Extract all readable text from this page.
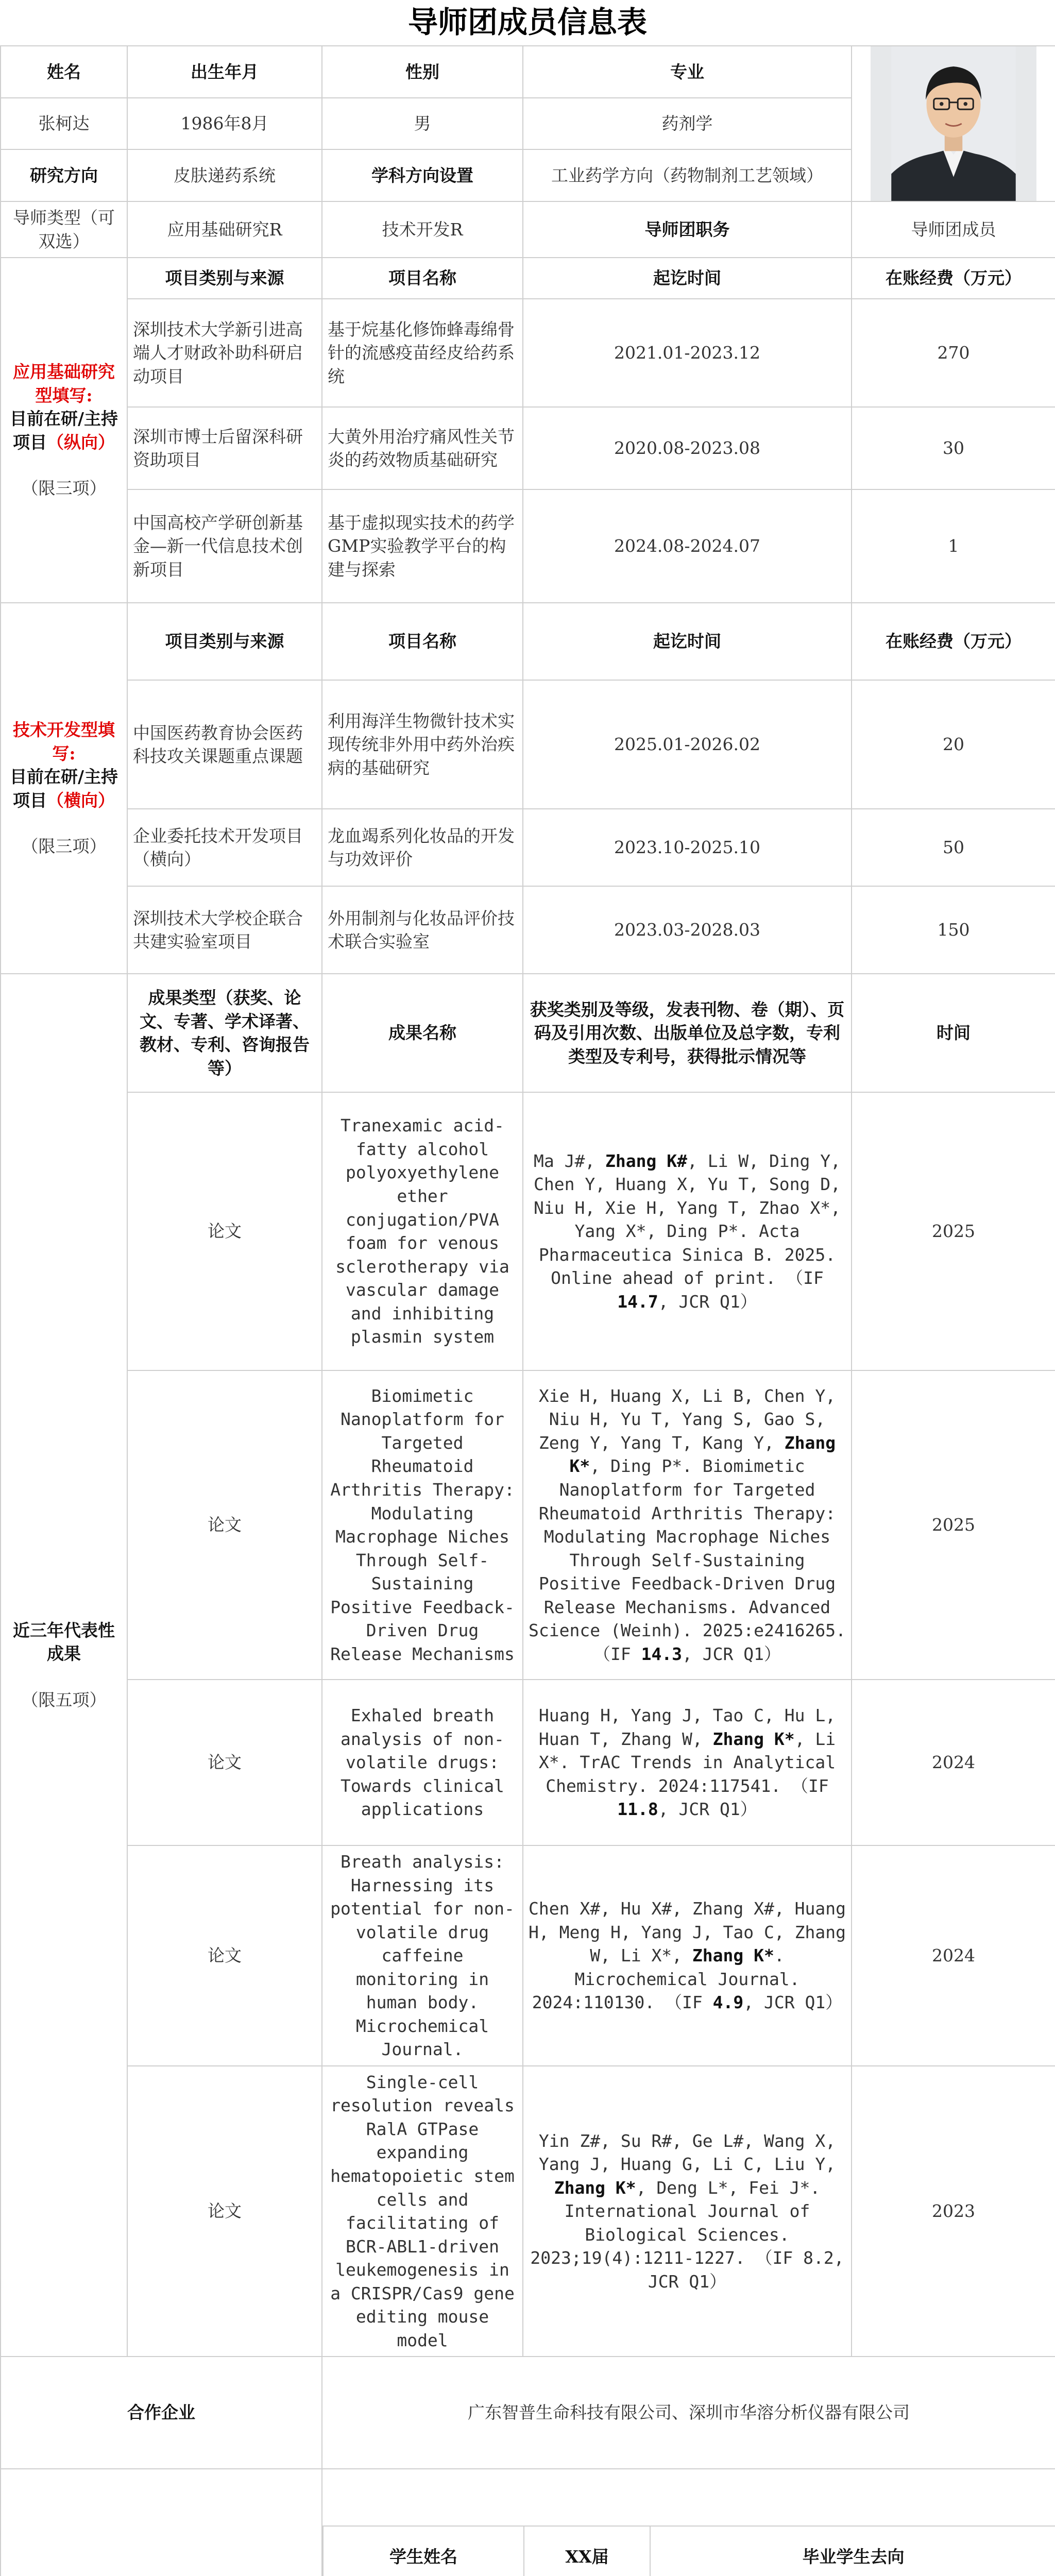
导师团成员信息表
姓名	出生年月	性别	专业	

张柯达	1986年8月	男	药剂学
研究方向	皮肤递药系统	学科方向设置	工业药学方向（药物制剂工艺领域）
导师类型（可双选）	应用基础研究R	技术开发R	导师团职务	导师团成员
应用基础研究型填写:
目前在研/主持项目（纵向）
（限三项）
	项目类别与来源	项目名称	起讫时间	在账经费（万元）
深圳技术大学新引进高端人才财政补助科研启动项目	基于烷基化修饰蜂毒绵骨针的流感疫苗经皮给药系统	2021.01-2023.12	270
深圳市博士后留深科研资助项目	大黄外用治疗痛风性关节炎的药效物质基础研究	2020.08-2023.08	30
中国高校产学研创新基金—新一代信息技术创新项目	基于虚拟现实技术的药学GMP实验教学平台的构建与探索	2024.08-2024.07	1
技术开发型填写:
目前在研/主持项目（横向）
（限三项）
	项目类别与来源	项目名称	起讫时间	在账经费（万元）
中国医药教育协会医药科技攻关课题重点课题	利用海洋生物微针技术实现传统非外用中药外治疾病的基础研究	2025.01-2026.02	20
企业委托技术开发项目（横向）	龙血竭系列化妆品的开发与功效评价	2023.10-2025.10	50
深圳技术大学校企联合共建实验室项目	外用制剂与化妆品评价技术联合实验室	2023.03-2028.03	150
近三年代表性成果
（限五项）
	成果类型（获奖、论文、专著、学术译著、教材、专利、咨询报告等）	成果名称	获奖类别及等级，发表刊物、卷（期）、页码及引用次数、出版单位及总字数，专利类型及专利号，获得批示情况等	时间
论文	Tranexamic acid-fatty alcohol polyoxyethylene ether conjugation/PVA foam for venous sclerotherapy via vascular damage and inhibiting plasmin system	Ma J#, Zhang K#, Li W, Ding Y, Chen Y, Huang X, Yu T, Song D, Niu H, Xie H, Yang T, Zhao X*, Yang X*, Ding P*. Acta Pharmaceutica Sinica B. 2025. Online ahead of print. （IF 14.7, JCR Q1）	2025
论文	Biomimetic Nanoplatform for Targeted Rheumatoid Arthritis Therapy: Modulating Macrophage Niches Through Self-Sustaining Positive Feedback-Driven Drug Release Mechanisms	Xie H, Huang X, Li B, Chen Y, Niu H, Yu T, Yang S, Gao S, Zeng Y, Yang T, Kang Y, Zhang K*, Ding P*. Biomimetic Nanoplatform for Targeted Rheumatoid Arthritis Therapy: Modulating Macrophage Niches Through Self-Sustaining Positive Feedback-Driven Drug Release Mechanisms. Advanced Science (Weinh). 2025:e2416265. （IF 14.3, JCR Q1）	2025
论文	Exhaled breath analysis of non-volatile drugs: Towards clinical applications	Huang H, Yang J, Tao C, Hu L, Huan T, Zhang W, Zhang K*, Li X*. TrAC Trends in Analytical Chemistry. 2024:117541. （IF 11.8, JCR Q1）	2024
论文	Breath analysis: Harnessing its potential for non-volatile drug caffeine monitoring in human body. Microchemical Journal.	Chen X#, Hu X#, Zhang X#, Huang H, Meng H, Yang J, Tao C, Zhang W, Li X*, Zhang K*. Microchemical Journal. 2024:110130. （IF 4.9, JCR Q1）	2024
论文	Single-cell resolution reveals RalA GTPase expanding hematopoietic stem cells and facilitating of BCR-ABL1-driven leukemogenesis in a CRISPR/Cas9 gene editing mouse model	Yin Z#, Su R#, Ge L#, Wang X, Yang J, Huang G, Li C, Liu Y, Zhang K*, Deng L*, Fei J*. International Journal of Biological Sciences. 2023;19(4):1211-1227. （IF 8.2, JCR Q1）	2023
合作企业	广东智普生命科技有限公司、深圳市华溶分析仪器有限公司

学生姓名	XX届	毕业学生去向
